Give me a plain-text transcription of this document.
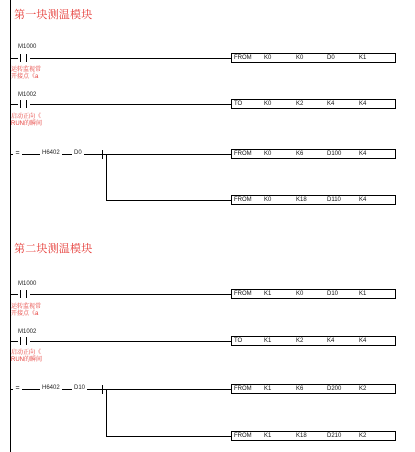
第一块测温模块
M1000
运转监视常
开接点《a
FROM K0	K0	D0	K1
M1002
启动正向《
RUN的瞬间
TO	K0	K2	K4	K4
=	H6402	D0	FROM K0	K6	D100	K4
FROM K0	K18	D110	K4
第二块测温模块
M1000
运转监视常
开接点《a
FROM K1	K0	D10	K1
M1002
启动正向《
RUN的瞬间
TO	K1	K2	K4	K4
=	H6402	D10	FROM K1	K6	D200	K2
FROM K1	K18	D210	K2
